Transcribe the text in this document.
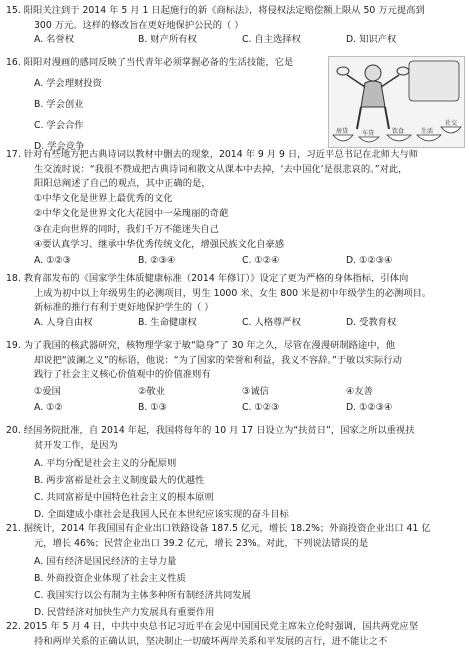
15. 阳阳关注到于 2014 年 5 月 1 日起施行的新《商标法》，将侵权法定赔偿额上限从 50 万元提高到
300 万元。这样的修改旨在更好地保护公民的（ ）
A. 名誉权	B. 财产所有权	C. 自主选择权	D. 知识产权
16. 阳阳对漫画的感同反映了当代青年必须掌握必备的生活技能，它是
A. 学会理财投资
B. 学会创业
C. 学会合作
D. 学会竞争
房贷 车贷	饮食	生活
社交
17. 针对有些地方把古典诗词以教材中删去的现象，2014 年 9 月 9 日，习近平总书记在北师大与师
生交流时说：“我很不赞成把古典诗词和散文从课本中去掉，‘去中国化’是很悲哀的。”对此，
阳阳总阐述了自己的观点，其中正确的是，
①中华文化是世界上最优秀的文化
②中华文化是世界文化大花园中一朵瑰丽的奇葩
③在走向世界的同时，我们千万不能迷失自己
④要认真学习、继承中华优秀传统文化，增强民族文化自豪感
A. ①②③	B. ②③④	C. ①②④	D. ①②③④
18. 教育部发布的《国家学生体质健康标准（2014 年修订）》设定了更为严格的身体指标，引体向
上成为初中以上年级男生的必测项目，男生 1000 米、女生 800 米是初中年级学生的必测项目。
新标准的推行有利于更好地保护学生的（ ）
A. 人身自由权	B. 生命健康权	C. 人格尊严权	D. 受教育权
19. 为了我国的核武器研究，核物理学家于敏“隐身”了 30 年之久，尽管在漫漫研制路途中，他
却说把“波澜之义”的标语，他说：“为了国家的荣誉和利益，我义不容辞。”于敏以实际行动
践行了社会主义核心价值观中的价值准则有
①爱国	②敬业	③诚信	④友善
A. ①②	B. ①③	C. ①②③	D. ①②③④
20. 经国务院批准，自 2014 年起，我国将每年的 10 月 17 日设立为“扶贫日”，国家之所以重视扶
贫开发工作，是因为
A. 平均分配是社会主义的分配原则
B. 两步富裕是社会主义制度最大的优越性
C. 共同富裕是中国特色社会主义的根本原则
D. 全面建成小康社会是我国人民在本世纪应该实现的奋斗目标
21. 据统计，2014 年我国国有企业出口铁路设备 187.5 亿元，增长 18.2%；外商投资企业出口 41 亿
元，增长 46%；民营企业出口 39.2 亿元，增长 23%。对此，下列说法错误的是
A. 国有经济是国民经济的主导力量
B. 外商投资企业体现了社会主义性质
C. 我国实行以公有制为主体多种所有制经济共同发展
D. 民营经济对加快生产力发展具有重要作用
22. 2015 年 5 月 4 日，中共中央总书记习近平在会见中国国民党主席朱立伦时强调，国共两党应坚
持和两岸关系的正确认识，坚决制止一切破坏两岸关系和平发展的言行，进不能让之不
